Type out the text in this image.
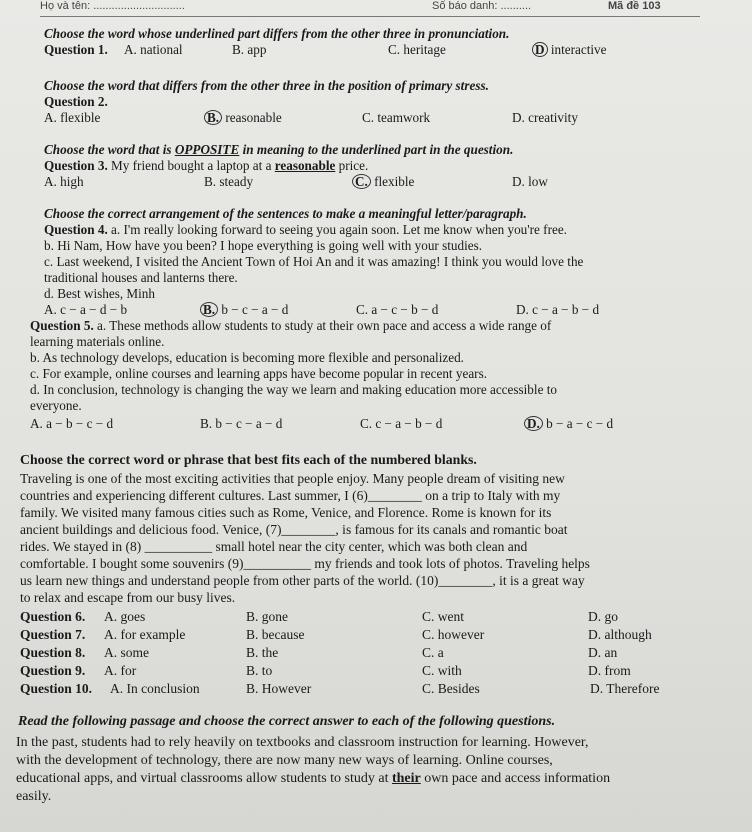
Họ và tên: ..............................	Số báo danh: ..........	Mã đề 103
Choose the word whose underlined part differs from the other three in pronunciation.
Question 1. A. national	B. app	C. heritage	D interactive
Choose the word that differs from the other three in the position of primary stress.
Question 2.
A. flexible	B. reasonable	C. teamwork	D. creativity
Choose the word that is OPPOSITE in meaning to the underlined part in the question.
Question 3. My friend bought a laptop at a reasonable price.
A. high	B. steady	C. flexible	D. low
Choose the correct arrangement of the sentences to make a meaningful letter/paragraph.
Question 4. a. I'm really looking forward to seeing you again soon. Let me know when you're free.
b. Hi Nam, How have you been? I hope everything is going well with your studies.
c. Last weekend, I visited the Ancient Town of Hoi An and it was amazing! I think you would love the
traditional houses and lanterns there.
d. Best wishes, Minh
A. c − a − d − b	B. b − c − a − d	C. a − c − b − d	D. c − a − b − d
Question 5. a. These methods allow students to study at their own pace and access a wide range of
learning materials online.
b. As technology develops, education is becoming more flexible and personalized.
c. For example, online courses and learning apps have become popular in recent years.
d. In conclusion, technology is changing the way we learn and making education more accessible to
everyone.
A. a − b − c − d	B. b − c − a − d	C. c − a − b − d	D. b − a − c − d
Choose the correct word or phrase that best fits each of the numbered blanks.
Traveling is one of the most exciting activities that people enjoy. Many people dream of visiting new
countries and experiencing different cultures. Last summer, I (6)________ on a trip to Italy with my
family. We visited many famous cities such as Rome, Venice, and Florence. Rome is known for its
ancient buildings and delicious food. Venice, (7)________, is famous for its canals and romantic boat
rides. We stayed in (8) __________ small hotel near the city center, which was both clean and
comfortable. I bought some souvenirs (9)__________ my friends and took lots of photos. Traveling helps
us learn new things and understand people from other parts of the world. (10)________, it is a great way
to relax and escape from our busy lives.
Question 6. A. goes	B. gone	C. went	D. go
Question 7. A. for example	B. because	C. however	D. although
Question 8. A. some	B. the	C. a	D. an
Question 9. A. for	B. to	C. with	D. from
Question 10. A. In conclusion	B. However	C. Besides	D. Therefore
Read the following passage and choose the correct answer to each of the following questions.
In the past, students had to rely heavily on textbooks and classroom instruction for learning. However,
with the development of technology, there are now many new ways of learning. Online courses,
educational apps, and virtual classrooms allow students to study at their own pace and access information
easily.
